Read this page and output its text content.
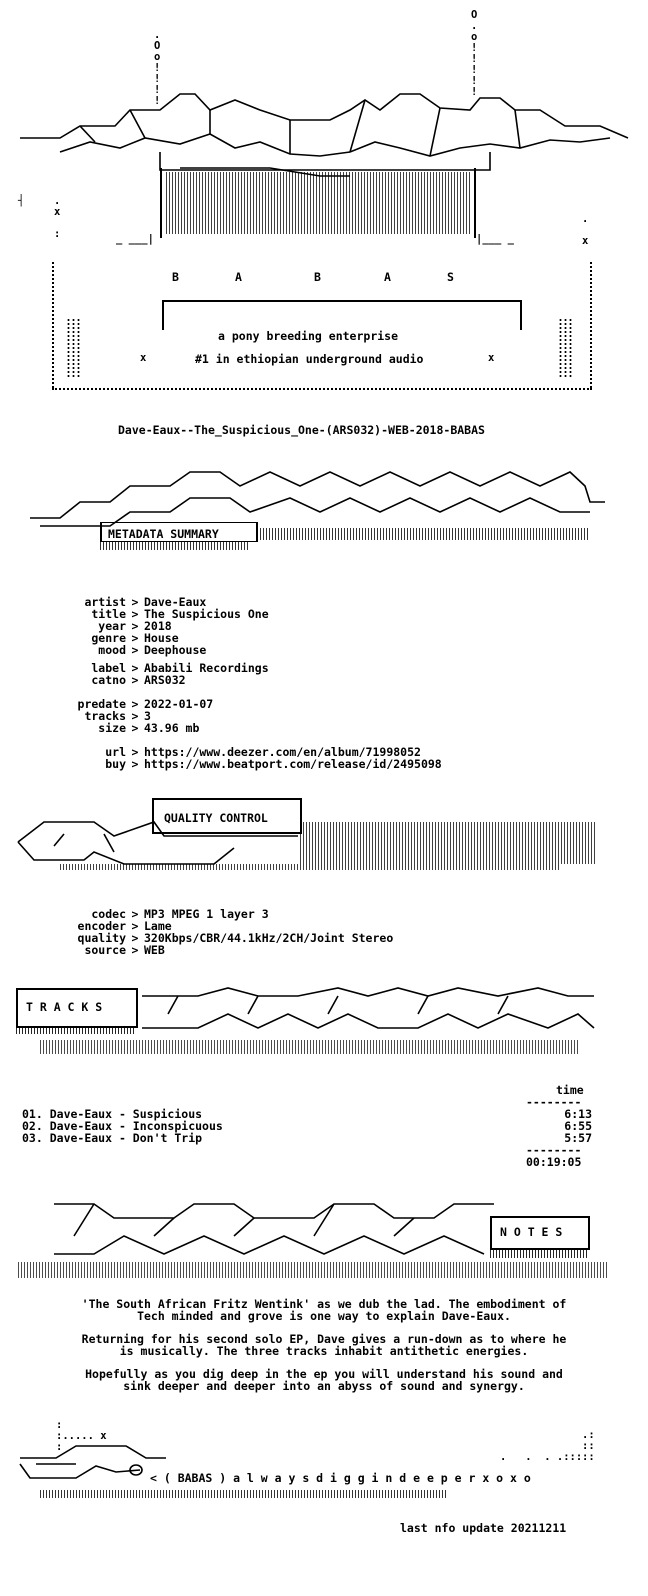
.
O
o
!
!
!
!
O
.
o
!
!
!
!
!
┤	.
x

:
.

x
_ ___|	|___ _
B	A	B	A	S
a pony breeding enterprise
#1 in ethiopian underground audio
x	x
Dave-Eaux--The_Suspicious_One-(ARS032)-WEB-2018-BABAS
METADATA SUMMARY
artist > Dave-Eaux
title > The Suspicious One
year > 2018
genre > House
mood > Deephouse
label > Ababili Recordings
catno > ARS032
predate > 2022-01-07
tracks > 3
size > 43.96 mb
url > https://www.deezer.com/en/album/71998052
buy > https://www.beatport.com/release/id/2495098
QUALITY CONTROL
codec > MP3 MPEG 1 layer 3
encoder > Lame
quality > 320Kbps/CBR/44.1kHz/2CH/Joint Stereo
source > WEB
T R A C K S
time
--------
01. Dave-Eaux - Suspicious	6:13
02. Dave-Eaux - Inconspicuous	6:55
03. Dave-Eaux - Don't Trip	5:57
--------
00:19:05
N O T E S
'The South African Fritz Wentink' as we dub the lad. The embodiment of
Tech minded and grove is one way to explain Dave-Eaux.
Returning for his second solo EP, Dave gives a run-down as to where he
is musically. The three tracks inhabit antithetic energies.
Hopefully as you dig deep in the ep you will understand his sound and
sink deeper and deeper into an abyss of sound and synergy.
:
:..... x
:
.   .  . .:::
.:
::
::
< ( BABAS ) a l w a y s d i g g i n d e e p e r x o x o
last nfo update 20211211
